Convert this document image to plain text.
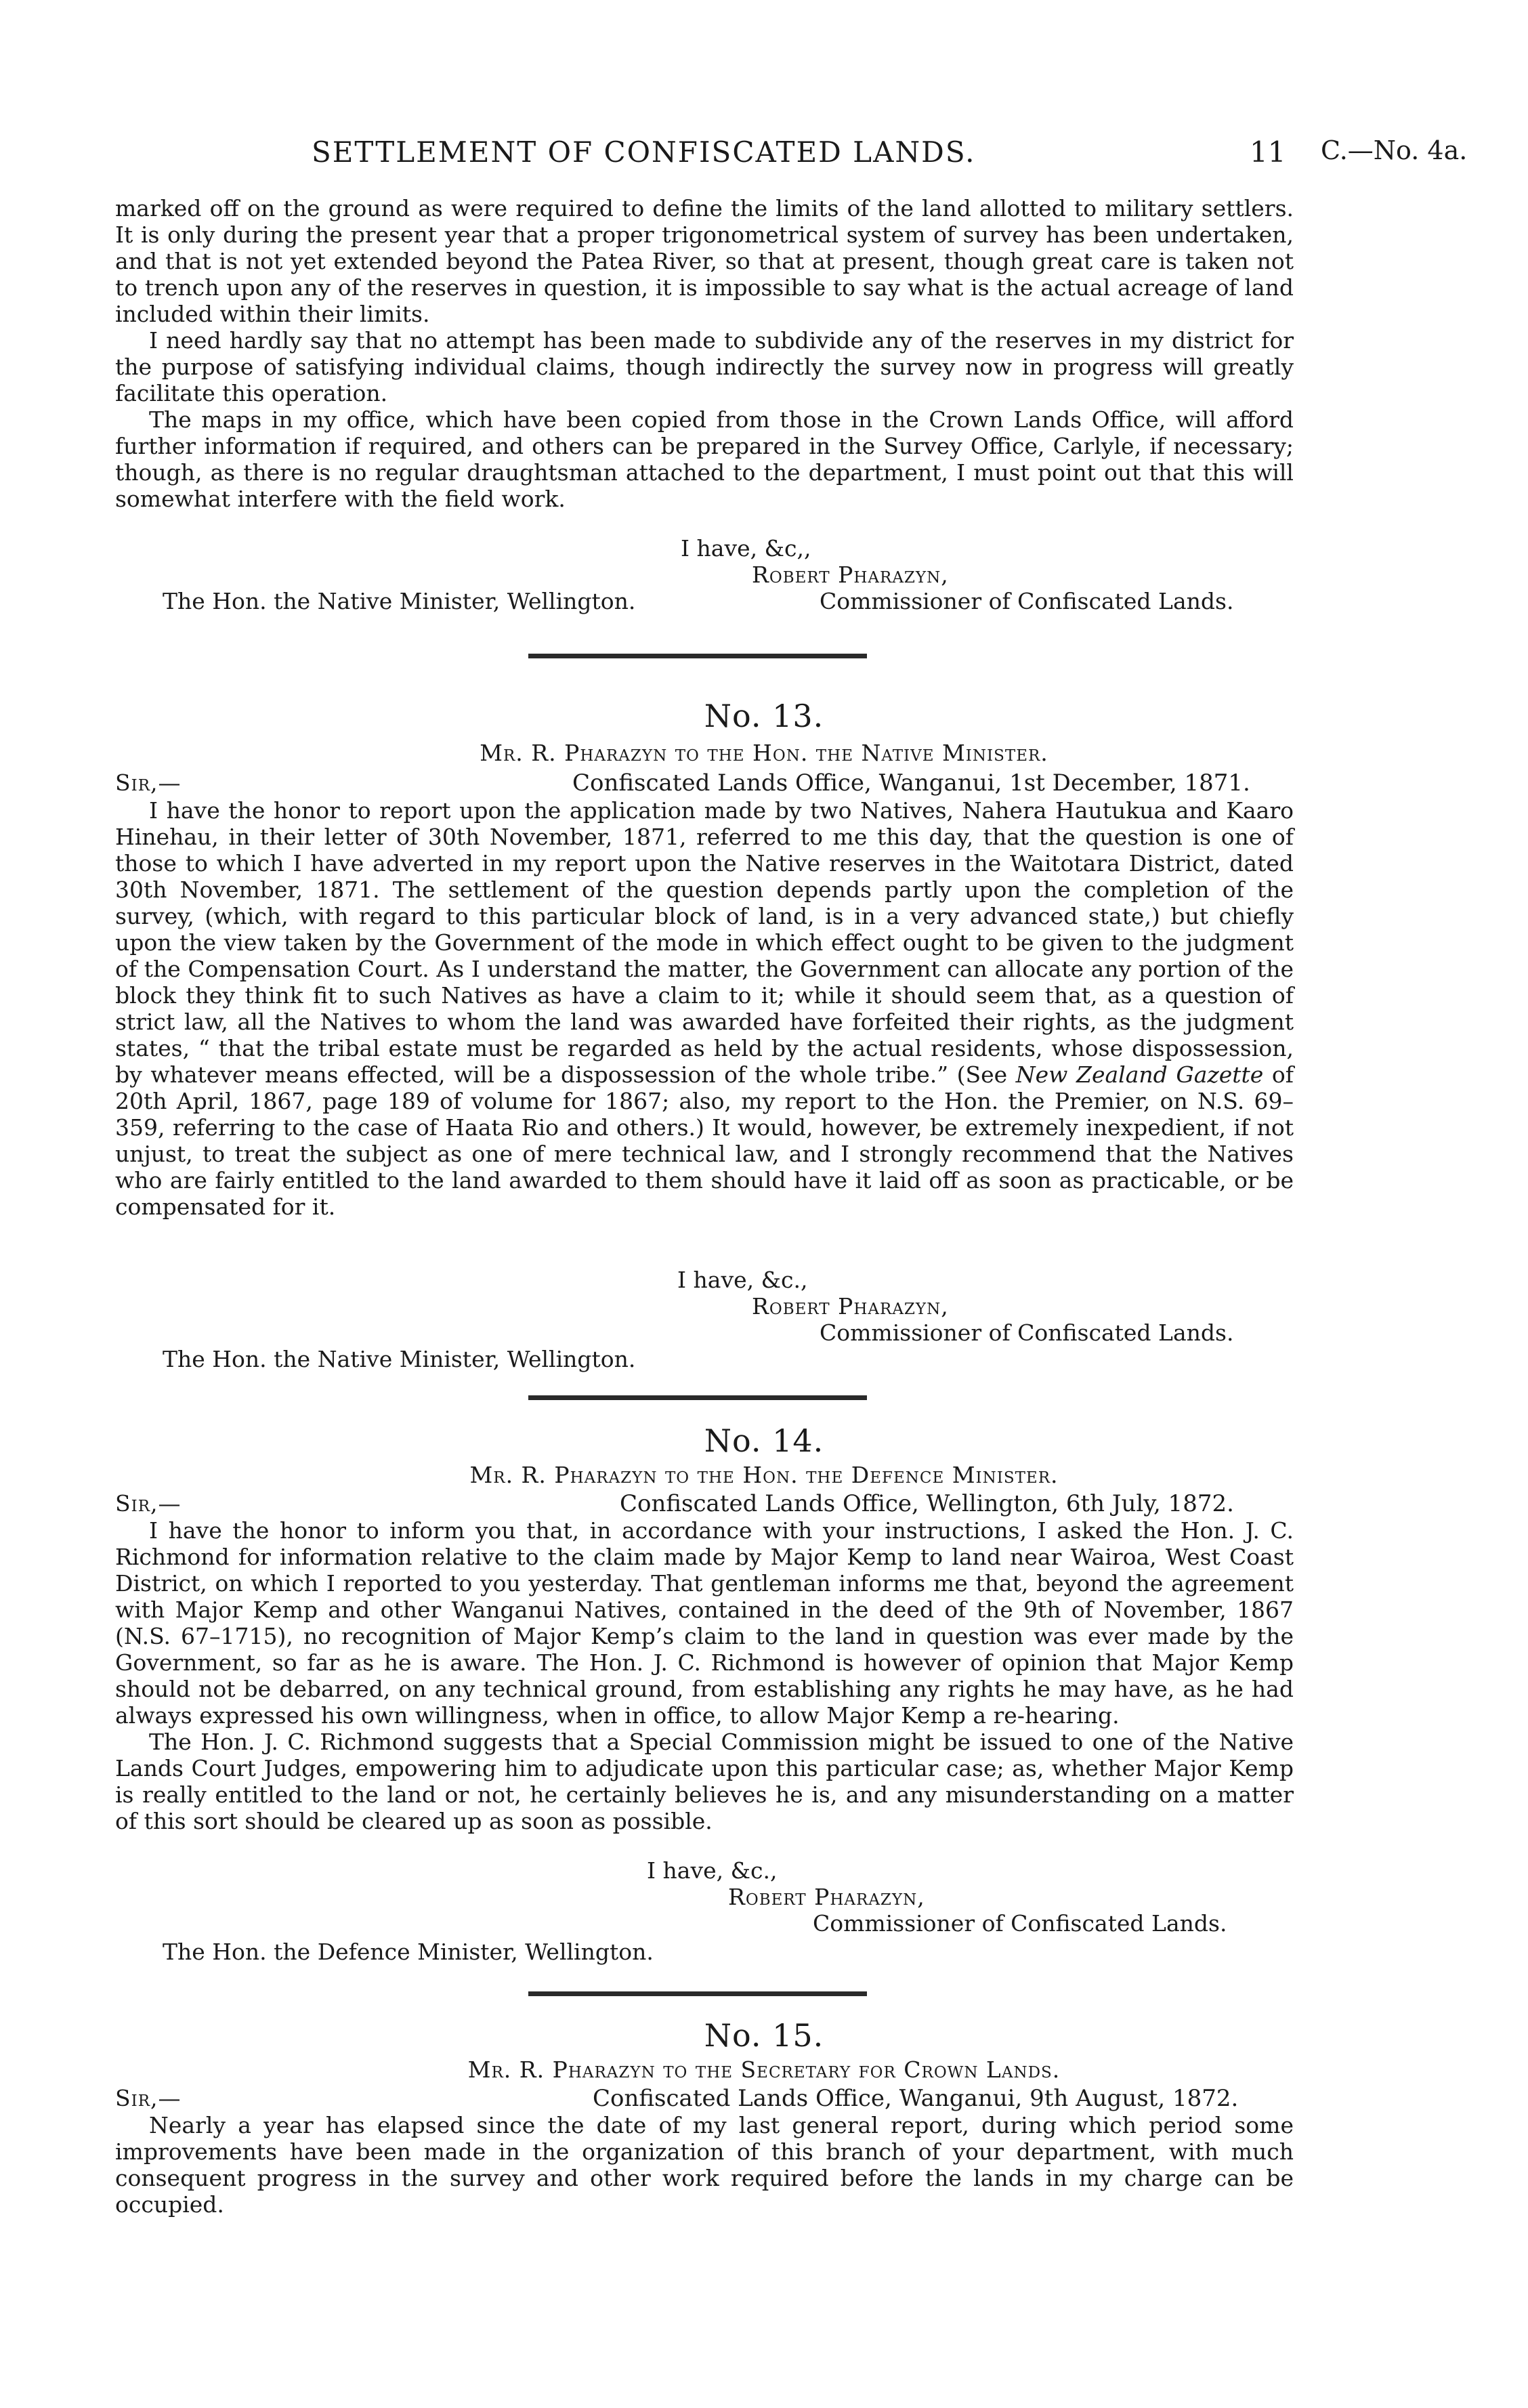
SETTLEMENT OF CONFISCATED LANDS.	11 C.—No. 4a.

marked off on the ground as were required to define the limits of the land allotted to military settlers. It is only during the present year that a proper trigonometrical system of survey has been undertaken, and that is not yet extended beyond the Patea River, so that at present, though great care is taken not to trench upon any of the reserves in question, it is impossible to say what is the actual acreage of land included within their limits.

I need hardly say that no attempt has been made to subdivide any of the reserves in my district for the purpose of satisfying individual claims, though indirectly the survey now in progress will greatly facilitate this operation.

The maps in my office, which have been copied from those in the Crown Lands Office, will afford further information if required, and others can be prepared in the Survey Office, Carlyle, if necessary; though, as there is no regular draughtsman attached to the department, I must point out that this will somewhat interfere with the field work.

I have, &c,,
Robert Pharazyn,
The Hon. the Native Minister, Wellington.	Commissioner of Confiscated Lands.
No. 13.
Mr. R. Pharazyn to the Hon. the Native Minister.
Sir,—	Confiscated Lands Office, Wanganui, 1st December, 1871.

I have the honor to report upon the application made by two Natives, Nahera Hautukua and Kaaro Hinehau, in their letter of 30th November, 1871, referred to me this day, that the question is one of those to which I have adverted in my report upon the Native reserves in the Waitotara District, dated 30th November, 1871. The settlement of the question depends partly upon the completion of the survey, (which, with regard to this particular block of land, is in a very advanced state,) but chiefly upon the view taken by the Government of the mode in which effect ought to be given to the judgment of the Compensation Court. As I understand the matter, the Government can allocate any portion of the block they think fit to such Natives as have a claim to it; while it should seem that, as a question of strict law, all the Natives to whom the land was awarded have forfeited their rights, as the judgment states, “ that the tribal estate must be regarded as held by the actual residents, whose dispossession, by whatever means effected, will be a dispossession of the whole tribe.” (See New Zealand Gazette of 20th April, 1867, page 189 of volume for 1867; also, my report to the Hon. the Premier, on N.S. 69–359, referring to the case of Haata Rio and others.) It would, however, be extremely inexpedient, if not unjust, to treat the subject as one of mere technical law, and I strongly recommend that the Natives who are fairly entitled to the land awarded to them should have it laid off as soon as practicable, or be compensated for it.

I have, &c.,
Robert Pharazyn,
Commissioner of Confiscated Lands.
The Hon. the Native Minister, Wellington.
No. 14.
Mr. R. Pharazyn to the Hon. the Defence Minister.
Sir,—	Confiscated Lands Office, Wellington, 6th July, 1872.

I have the honor to inform you that, in accordance with your instructions, I asked the Hon. J. C. Richmond for information relative to the claim made by Major Kemp to land near Wairoa, West Coast District, on which I reported to you yesterday. That gentleman informs me that, beyond the agreement with Major Kemp and other Wanganui Natives, contained in the deed of the 9th of November, 1867 (N.S. 67–1715), no recognition of Major Kemp’s claim to the land in question was ever made by the Government, so far as he is aware. The Hon. J. C. Richmond is however of opinion that Major Kemp should not be debarred, on any technical ground, from establishing any rights he may have, as he had always expressed his own willingness, when in office, to allow Major Kemp a re-hearing.

The Hon. J. C. Richmond suggests that a Special Commission might be issued to one of the Native Lands Court Judges, empowering him to adjudicate upon this particular case; as, whether Major Kemp is really entitled to the land or not, he certainly believes he is, and any misunderstanding on a matter of this sort should be cleared up as soon as possible.

I have, &c.,
Robert Pharazyn,
Commissioner of Confiscated Lands.
The Hon. the Defence Minister, Wellington.
No. 15.
Mr. R. Pharazyn to the Secretary for Crown Lands.
Sir,—	Confiscated Lands Office, Wanganui, 9th August, 1872.

Nearly a year has elapsed since the date of my last general report, during which period some improvements have been made in the organization of this branch of your department, with much consequent progress in the survey and other work required before the lands in my charge can be occupied.
